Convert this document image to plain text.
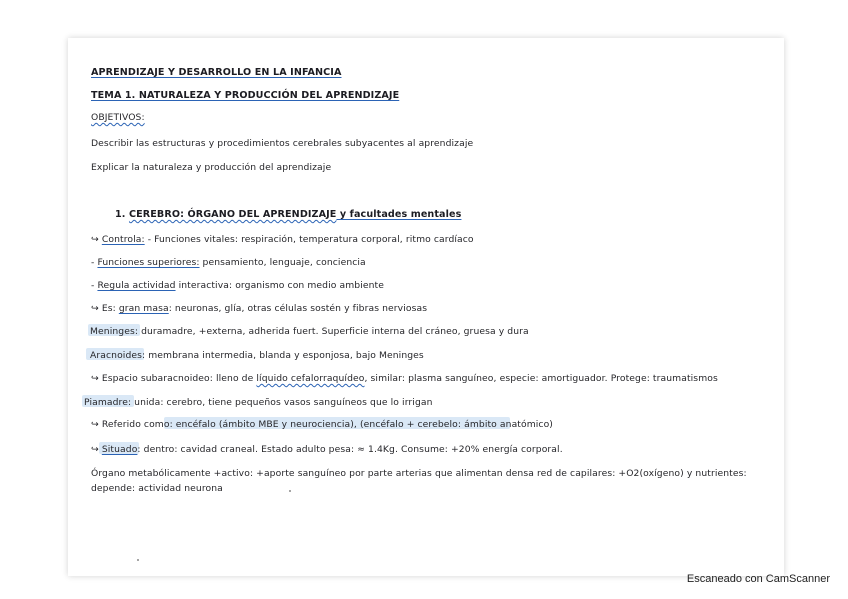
APRENDIZAJE Y DESARROLLO EN LA INFANCIA

TEMA 1. NATURALEZA Y PRODUCCIÓN DEL APRENDIZAJE

OBJETIVOS:

Describir las estructuras y procedimientos cerebrales subyacentes al aprendizaje

Explicar la naturaleza y producción del aprendizaje

1. CEREBRO: ÓRGANO DEL APRENDIZAJE y facultades mentales

↪ Controla: - Funciones vitales: respiración, temperatura corporal, ritmo cardíaco

- Funciones superiores: pensamiento, lenguaje, conciencia

- Regula actividad interactiva: organismo con medio ambiente

↪ Es: gran masa: neuronas, glía, otras células sostén y fibras nerviosas

Meninges: duramadre, +externa, adherida fuert. Superficie interna del cráneo, gruesa y dura

Aracnoides: membrana intermedia, blanda y esponjosa, bajo Meninges

↪ Espacio subaracnoideo: lleno de líquido cefalorraquídeo, similar: plasma sanguíneo, especie: amortiguador. Protege: traumatismos

Piamadre: unida: cerebro, tiene pequeños vasos sanguíneos que lo irrigan

↪ Referido como: encéfalo (ámbito MBE y neurociencia), (encéfalo + cerebelo: ámbito anatómico)

↪ Situado: dentro: cavidad craneal. Estado adulto pesa: ≈ 1.4Kg. Consume: +20% energía corporal.

Órgano metabólicamente +activo: +aporte sanguíneo por parte arterias que alimentan densa red de capilares: +O2(oxígeno) y nutrientes: depende: actividad neurona

Escaneado con CamScanner
